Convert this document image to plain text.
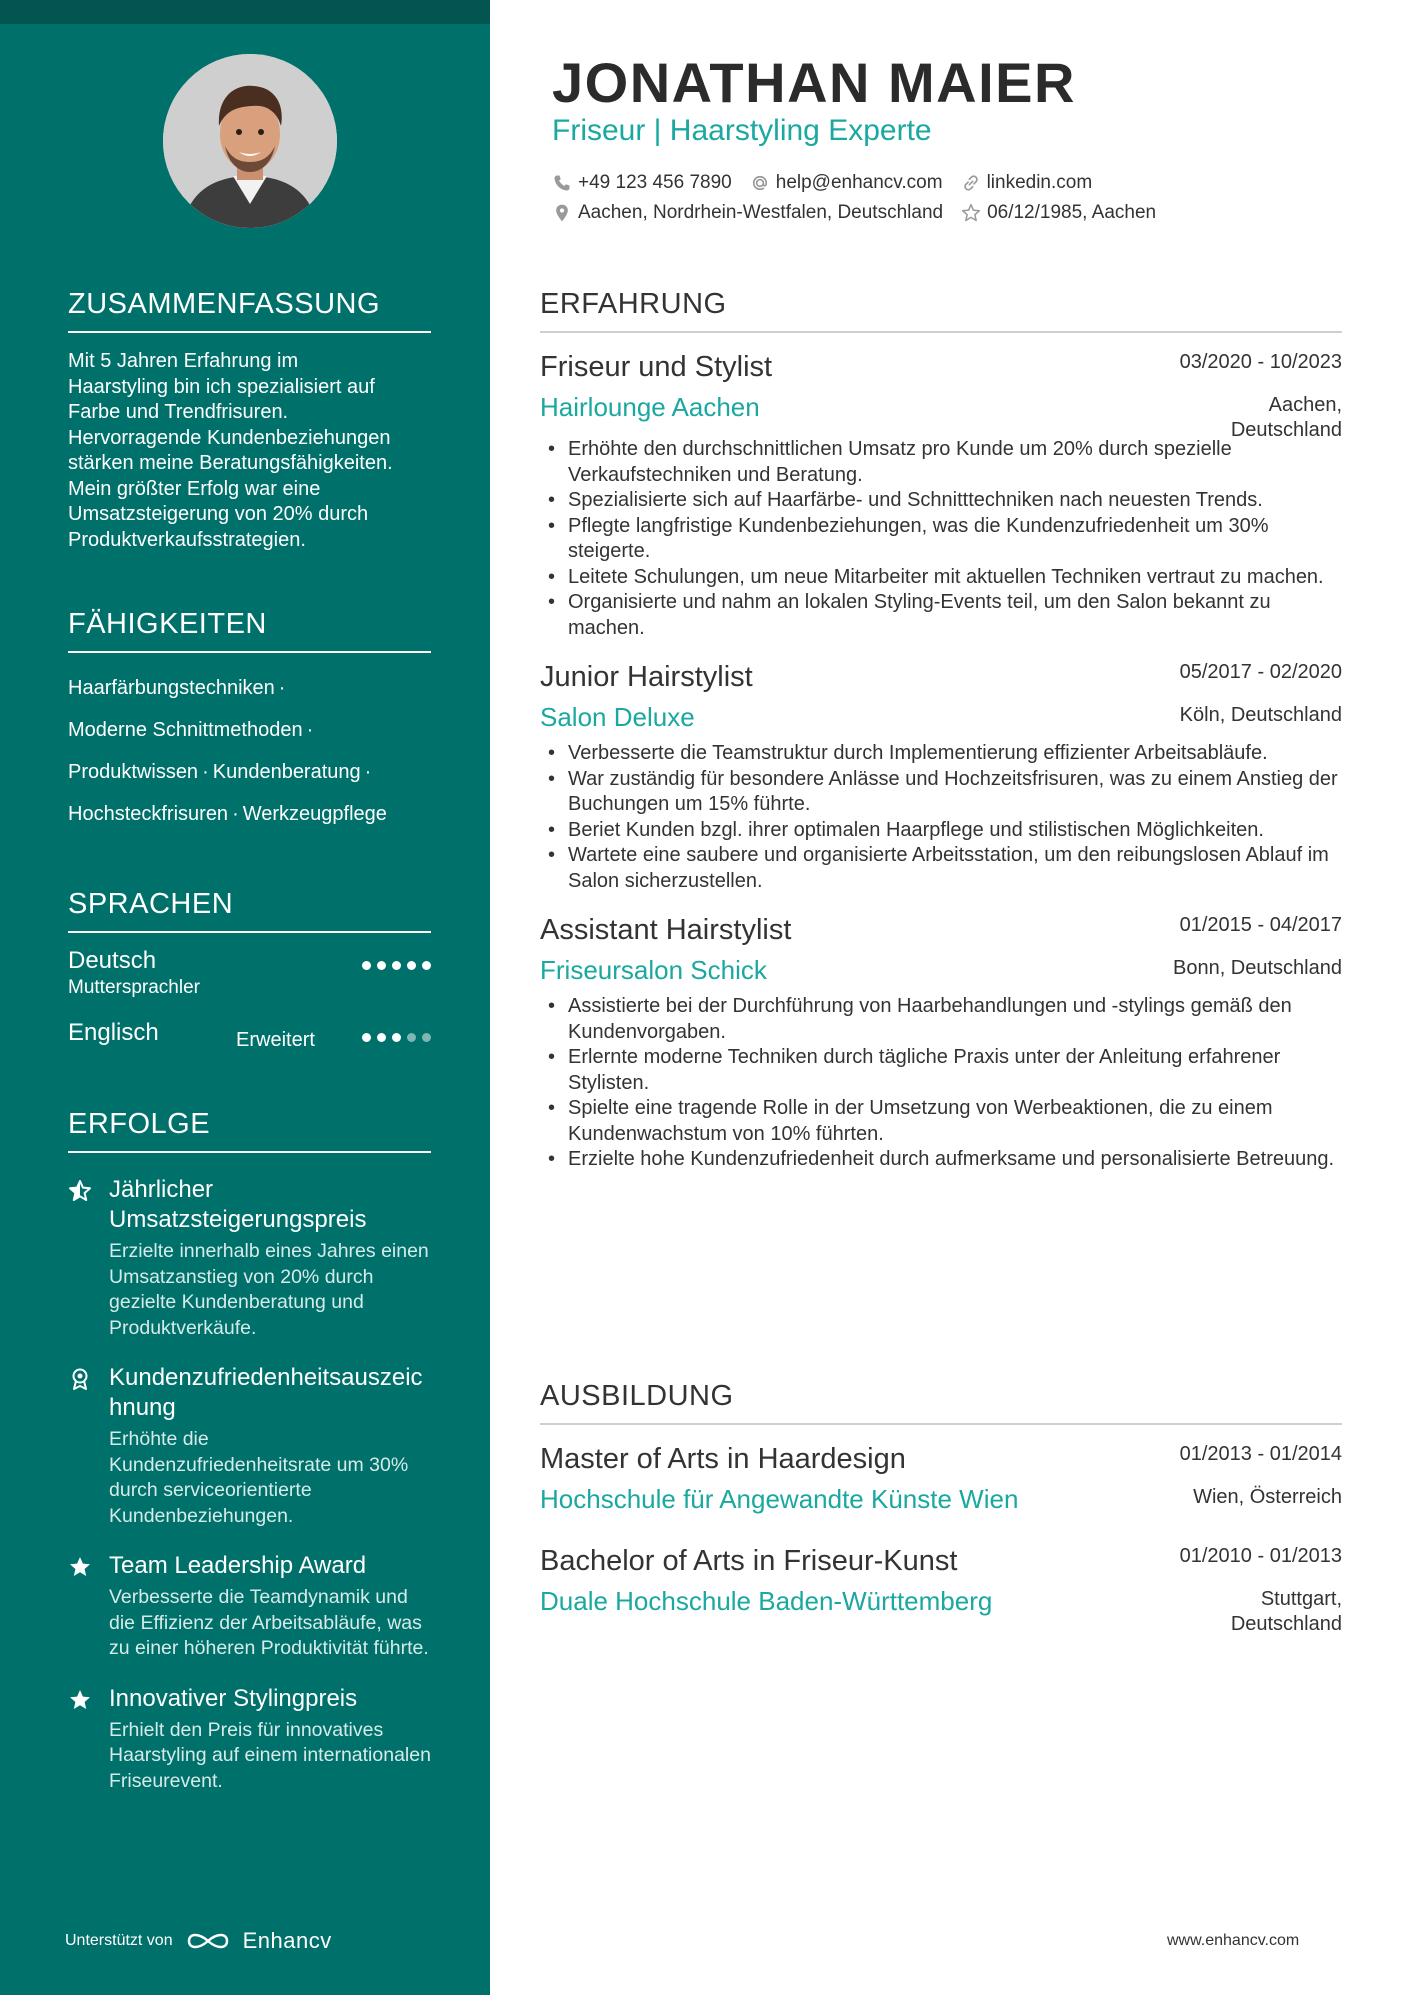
ZUSAMMENFASSUNG
Mit 5 Jahren Erfahrung im
Haarstyling bin ich spezialisiert auf
Farbe und Trendfrisuren.
Hervorragende Kundenbeziehungen
stärken meine Beratungsfähigkeiten.
Mein größter Erfolg war eine
Umsatzsteigerung von 20% durch
Produktverkaufsstrategien.
FÄHIGKEITEN
Haarfärbungstechniken ·
Moderne Schnittmethoden ·
Produktwissen · Kundenberatung ·
Hochsteckfrisuren · Werkzeugpflege
SPRACHEN
Deutsch
Muttersprachler
Englisch	Erweitert
ERFOLGE
Jährlicher Umsatzsteigerungspreis
Erzielte innerhalb eines Jahres einen Umsatzanstieg von 20% durch gezielte Kundenberatung und Produktverkäufe.
Kundenzufriedenheitsauszeichnung
Erhöhte die Kundenzufriedenheitsrate um 30% durch serviceorientierte Kundenbeziehungen.
Team Leadership Award
Verbesserte die Teamdynamik und die Effizienz der Arbeitsabläufe, was zu einer höheren Produktivität führte.
Innovativer Stylingpreis
Erhielt den Preis für innovatives Haarstyling auf einem internationalen Friseurevent.
Unterstützt von	Enhancv
JONATHAN MAIER
Friseur | Haarstyling Experte
+49 123 456 7890 help@enhancv.com linkedin.com
Aachen, Nordrhein-Westfalen, Deutschland 06/12/1985, Aachen
ERFAHRUNG
Friseur und Stylist	03/2020 - 10/2023
Hairlounge Aachen	Aachen,
Deutschland
• Erhöhte den durchschnittlichen Umsatz pro Kunde um 20% durch spezielle Verkaufstechniken und Beratung.
• Spezialisierte sich auf Haarfärbe- und Schnitttechniken nach neuesten Trends.
• Pflegte langfristige Kundenbeziehungen, was die Kundenzufriedenheit um 30% steigerte.
• Leitete Schulungen, um neue Mitarbeiter mit aktuellen Techniken vertraut zu machen.
• Organisierte und nahm an lokalen Styling-Events teil, um den Salon bekannt zu machen.
Junior Hairstylist	05/2017 - 02/2020
Salon Deluxe	Köln, Deutschland
• Verbesserte die Teamstruktur durch Implementierung effizienter Arbeitsabläufe.
• War zuständig für besondere Anlässe und Hochzeitsfrisuren, was zu einem Anstieg der Buchungen um 15% führte.
• Beriet Kunden bzgl. ihrer optimalen Haarpflege und stilistischen Möglichkeiten.
• Wartete eine saubere und organisierte Arbeitsstation, um den reibungslosen Ablauf im Salon sicherzustellen.
Assistant Hairstylist	01/2015 - 04/2017
Friseursalon Schick	Bonn, Deutschland
• Assistierte bei der Durchführung von Haarbehandlungen und -stylings gemäß den Kundenvorgaben.
• Erlernte moderne Techniken durch tägliche Praxis unter der Anleitung erfahrener Stylisten.
• Spielte eine tragende Rolle in der Umsetzung von Werbeaktionen, die zu einem Kundenwachstum von 10% führten.
• Erzielte hohe Kundenzufriedenheit durch aufmerksame und personalisierte Betreuung.
AUSBILDUNG
Master of Arts in Haardesign	01/2013 - 01/2014
Hochschule für Angewandte Künste Wien	Wien, Österreich
Bachelor of Arts in Friseur-Kunst	01/2010 - 01/2013
Duale Hochschule Baden-Württemberg	Stuttgart,
Deutschland
www.enhancv.com
